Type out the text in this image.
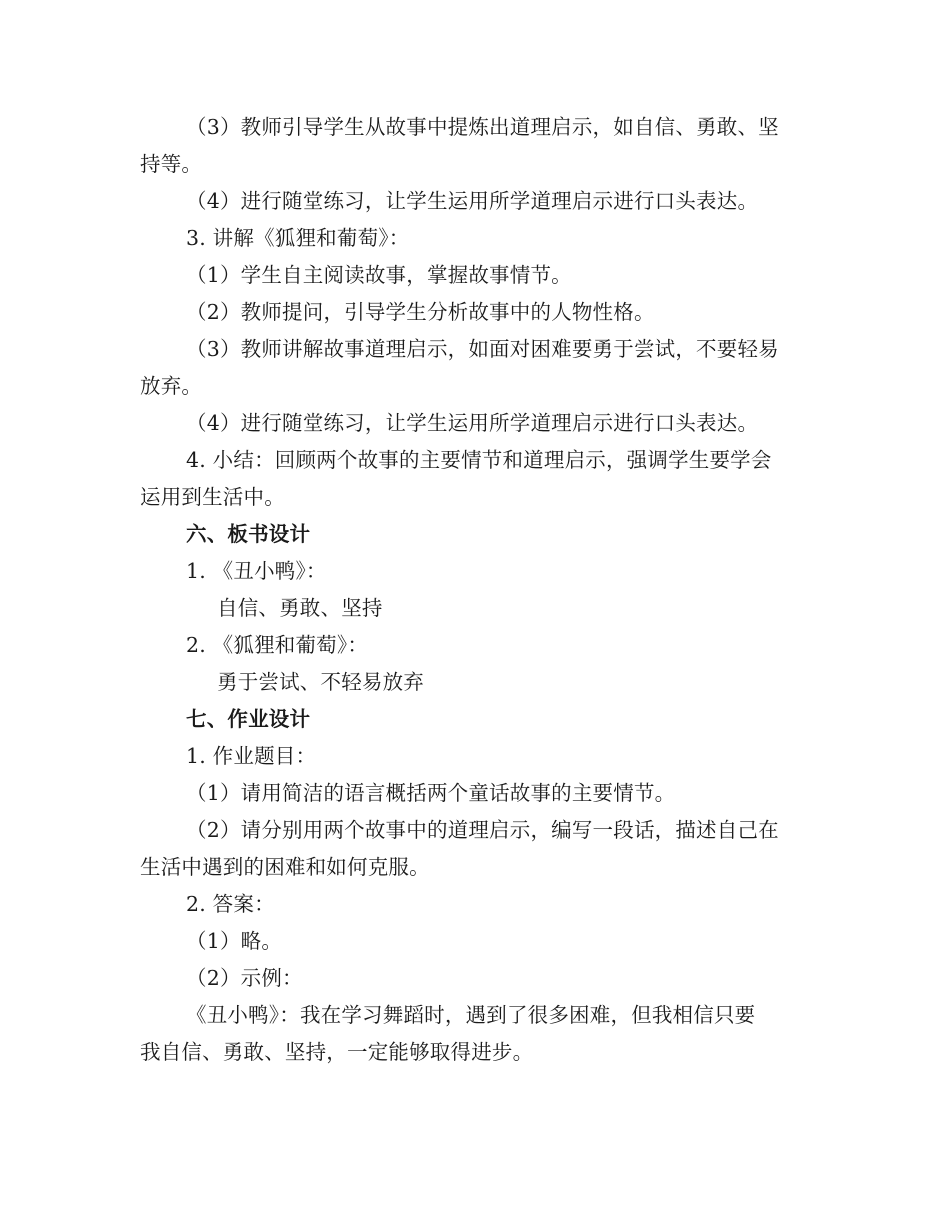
（3）教师引导学生从故事中提炼出道理启示，如自信、勇敢、坚
持等。
（4）进行随堂练习，让学生运用所学道理启示进行口头表达。
3. 讲解《狐狸和葡萄》：
（1）学生自主阅读故事，掌握故事情节。
（2）教师提问，引导学生分析故事中的人物性格。
（3）教师讲解故事道理启示，如面对困难要勇于尝试，不要轻易
放弃。
（4）进行随堂练习，让学生运用所学道理启示进行口头表达。
4. 小结：回顾两个故事的主要情节和道理启示，强调学生要学会
运用到生活中。
六、板书设计
1. 《丑小鸭》：
自信、勇敢、坚持
2. 《狐狸和葡萄》：
勇于尝试、不轻易放弃
七、作业设计
1. 作业题目：
（1）请用简洁的语言概括两个童话故事的主要情节。
（2）请分别用两个故事中的道理启示，编写一段话，描述自己在
生活中遇到的困难和如何克服。
2. 答案：
（1）略。
（2）示例：
《丑小鸭》：我在学习舞蹈时，遇到了很多困难，但我相信只要
我自信、勇敢、坚持，一定能够取得进步。
